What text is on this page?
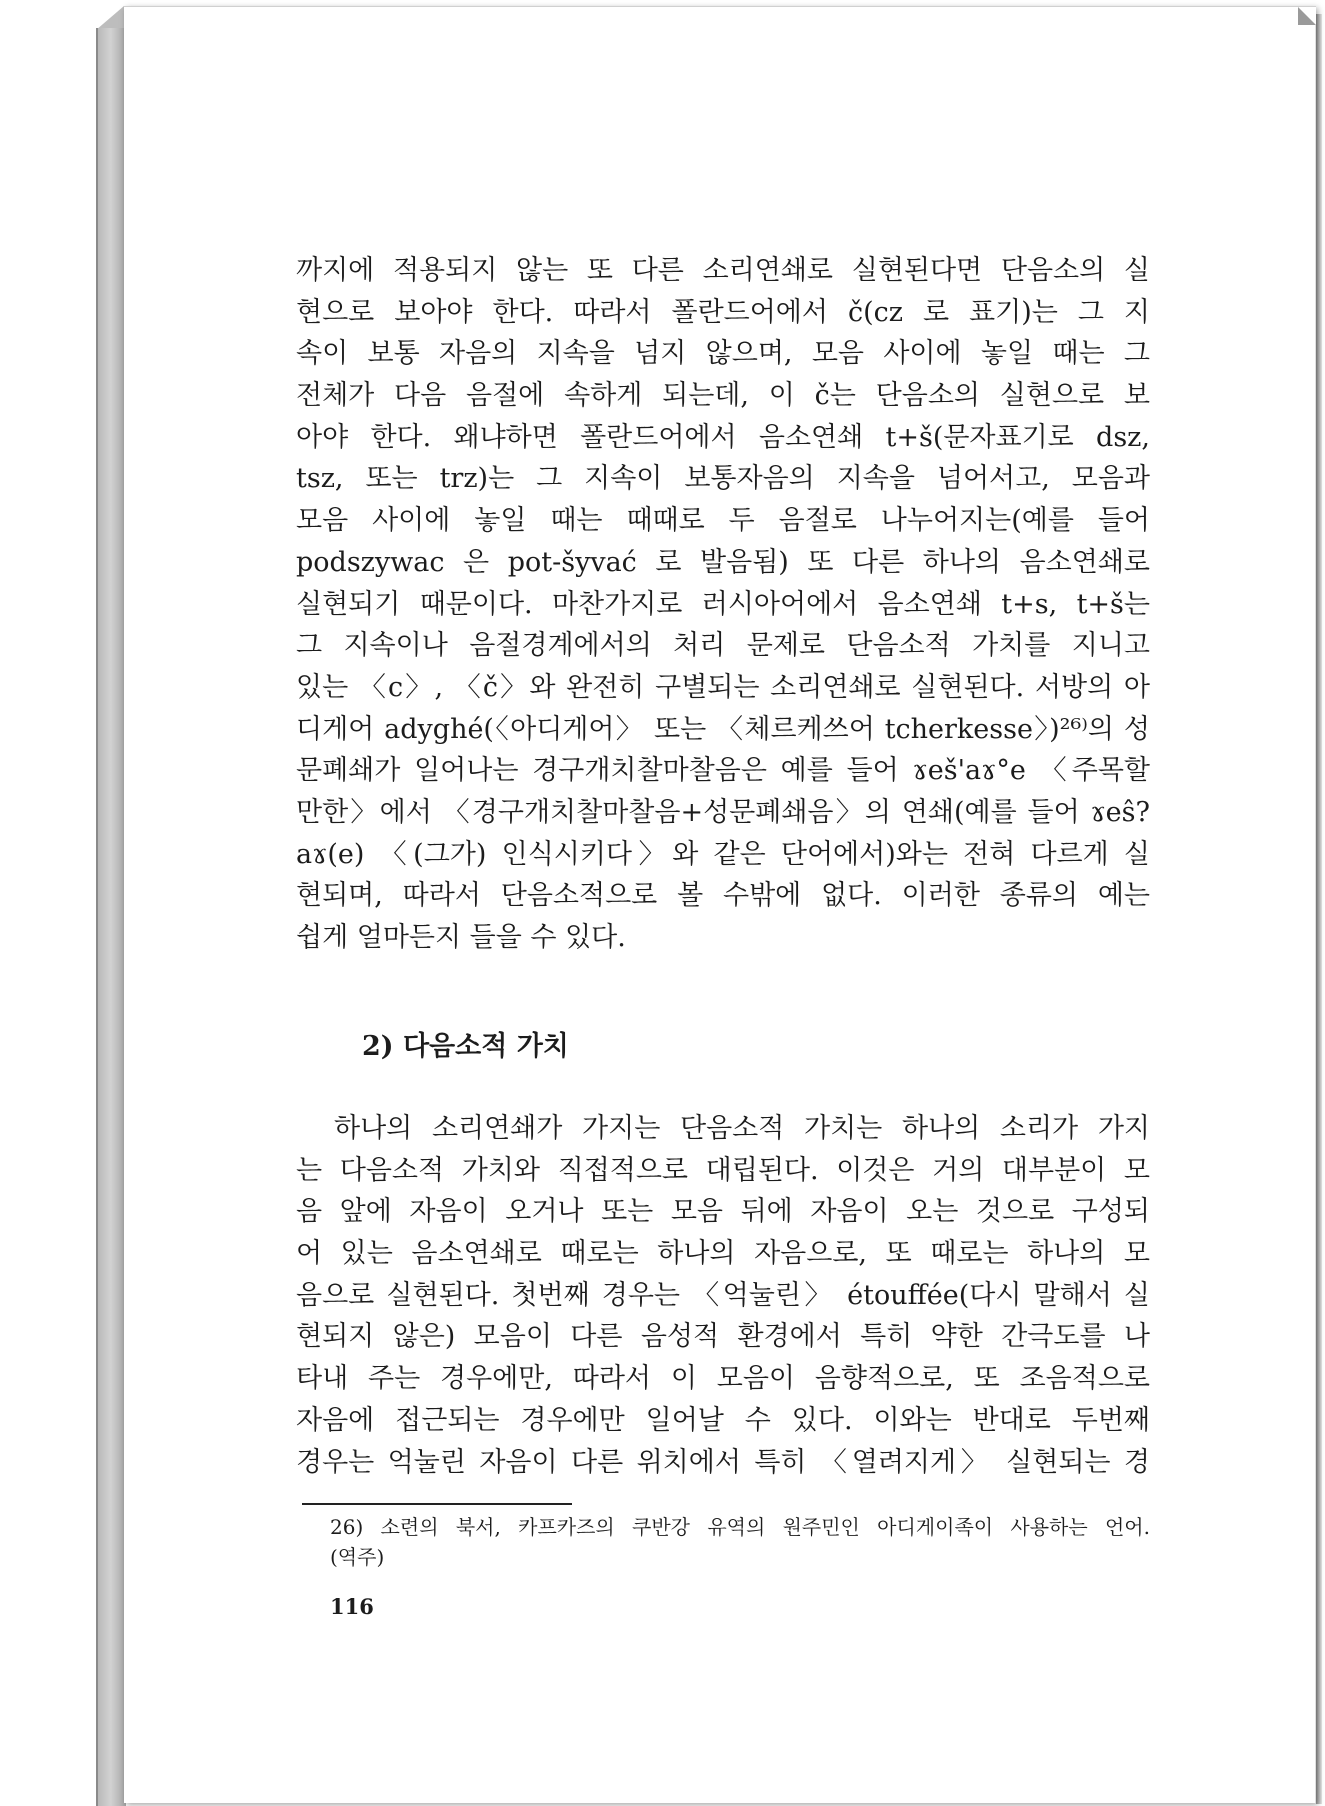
까지에 적용되지 않는 또 다른 소리연쇄로 실현된다면 단음소의 실
현으로 보아야 한다. 따라서 폴란드어에서 č(cz 로 표기)는 그 지
속이 보통 자음의 지속을 넘지 않으며, 모음 사이에 놓일 때는 그
전체가 다음 음절에 속하게 되는데, 이 č는 단음소의 실현으로 보
아야 한다. 왜냐하면 폴란드어에서 음소연쇄 t+š(문자표기로 dsz,
tsz, 또는 trz)는 그 지속이 보통자음의 지속을 넘어서고, 모음과
모음 사이에 놓일 때는 때때로 두 음절로 나누어지는(예를 들어
podszywac 은 pot-šyvać 로 발음됨) 또 다른 하나의 음소연쇄로
실현되기 때문이다. 마찬가지로 러시아어에서 음소연쇄 t+s, t+š는
그 지속이나 음절경계에서의 처리 문제로 단음소적 가치를 지니고
있는 〈c〉, 〈č〉와 완전히 구별되는 소리연쇄로 실현된다. 서방의 아
디게어 adyghé(〈아디게어〉 또는 〈체르케쓰어 tcherkesse〉)²⁶⁾의 성
문폐쇄가 일어나는 경구개치찰마찰음은 예를 들어 ɤeš'aɤ°e 〈주목할
만한〉에서 〈경구개치찰마찰음+성문폐쇄음〉의 연쇄(예를 들어 ɤeŝ?
aɤ(e) 〈(그가) 인식시키다〉와 같은 단어에서)와는 전혀 다르게 실
현되며, 따라서 단음소적으로 볼 수밖에 없다. 이러한 종류의 예는
쉽게 얼마든지 들을 수 있다.
2) 다음소적 가치
하나의 소리연쇄가 가지는 단음소적 가치는 하나의 소리가 가지
는 다음소적 가치와 직접적으로 대립된다. 이것은 거의 대부분이 모
음 앞에 자음이 오거나 또는 모음 뒤에 자음이 오는 것으로 구성되
어 있는 음소연쇄로 때로는 하나의 자음으로, 또 때로는 하나의 모
음으로 실현된다. 첫번째 경우는 〈억눌린〉 étouffée(다시 말해서 실
현되지 않은) 모음이 다른 음성적 환경에서 특히 약한 간극도를 나
타내 주는 경우에만, 따라서 이 모음이 음향적으로, 또 조음적으로
자음에 접근되는 경우에만 일어날 수 있다. 이와는 반대로 두번째
경우는 억눌린 자음이 다른 위치에서 특히 〈열려지게〉 실현되는 경
26) 소련의 북서, 카프카즈의 쿠반강 유역의 원주민인 아디게이족이 사용하는 언어.
(역주)
116
